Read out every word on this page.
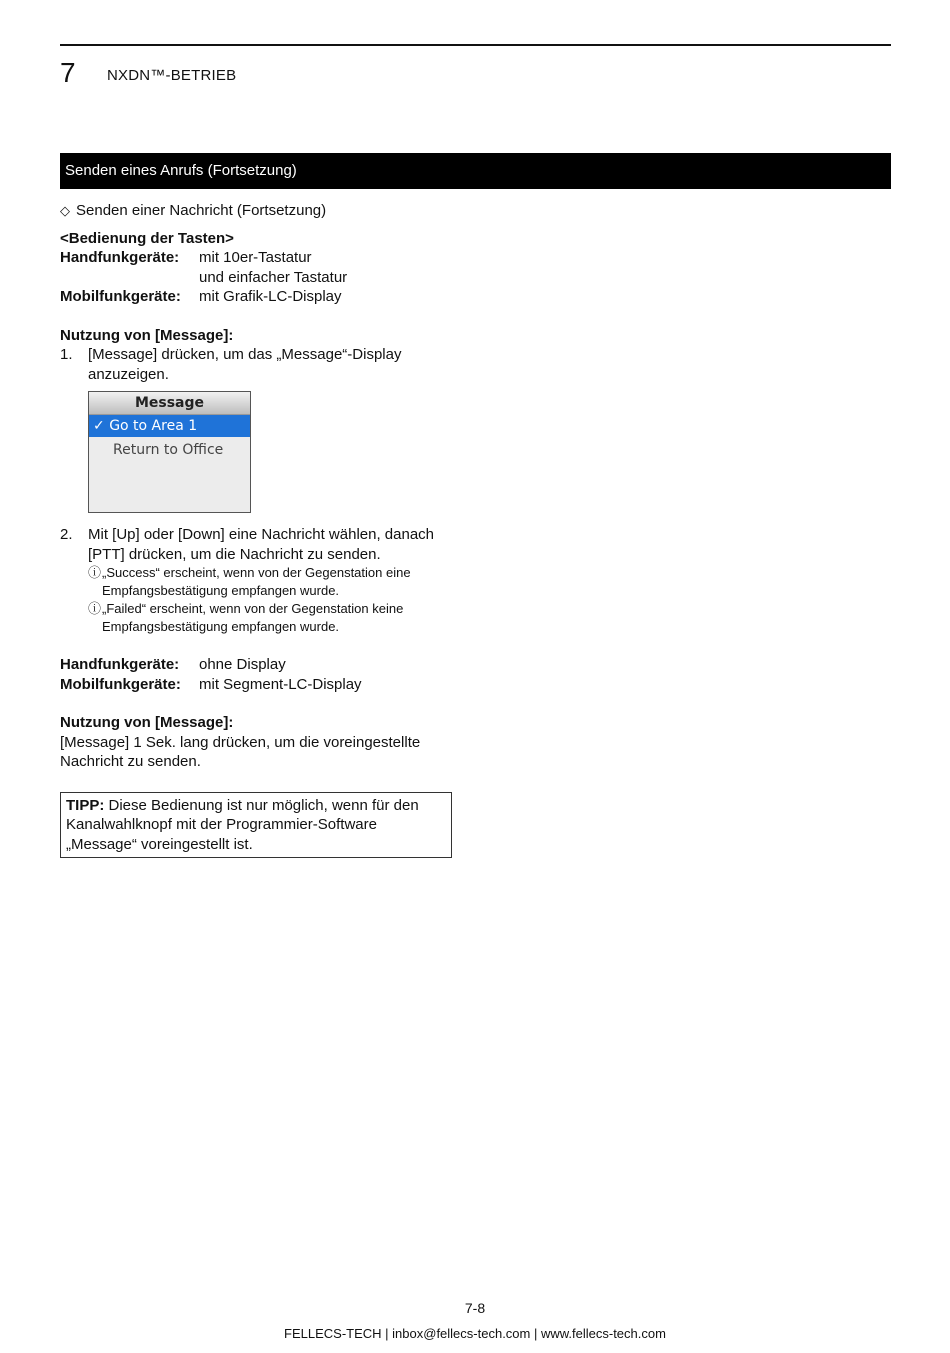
7 NXDN™-BETRIEB
Senden eines Anrufs (Fortsetzung)
◇ Senden einer Nachricht (Fortsetzung)
<Bedienung der Tasten>
Handfunkgeräte:	mit 10er-Tastatur
und einfacher Tastatur
Mobilfunkgeräte:	mit Grafik-LC-Display
Nutzung von [Message]:
1.	[Message] drücken, um das „Message“-Display anzuzeigen.
Message
✓ Go to Area 1
Return to Office
2.	Mit [Up] oder [Down] eine Nachricht wählen, danach [PTT] drücken, um die Nachricht zu senden.
ⓘ „Success“ erscheint, wenn von der Gegenstation eine Empfangsbestätigung empfangen wurde.
ⓘ „Failed“ erscheint, wenn von der Gegenstation keine Empfangsbestätigung empfangen wurde.
Handfunkgeräte:	ohne Display
Mobilfunkgeräte:	mit Segment-LC-Display
Nutzung von [Message]:
[Message] 1 Sek. lang drücken, um die voreingestellte Nachricht zu senden.
TIPP: Diese Bedienung ist nur möglich, wenn für den Kanalwahlknopf mit der Programmier-Software „Message“ voreingestellt ist.
7-8
FELLECS-TECH | inbox@fellecs-tech.com | www.fellecs-tech.com
